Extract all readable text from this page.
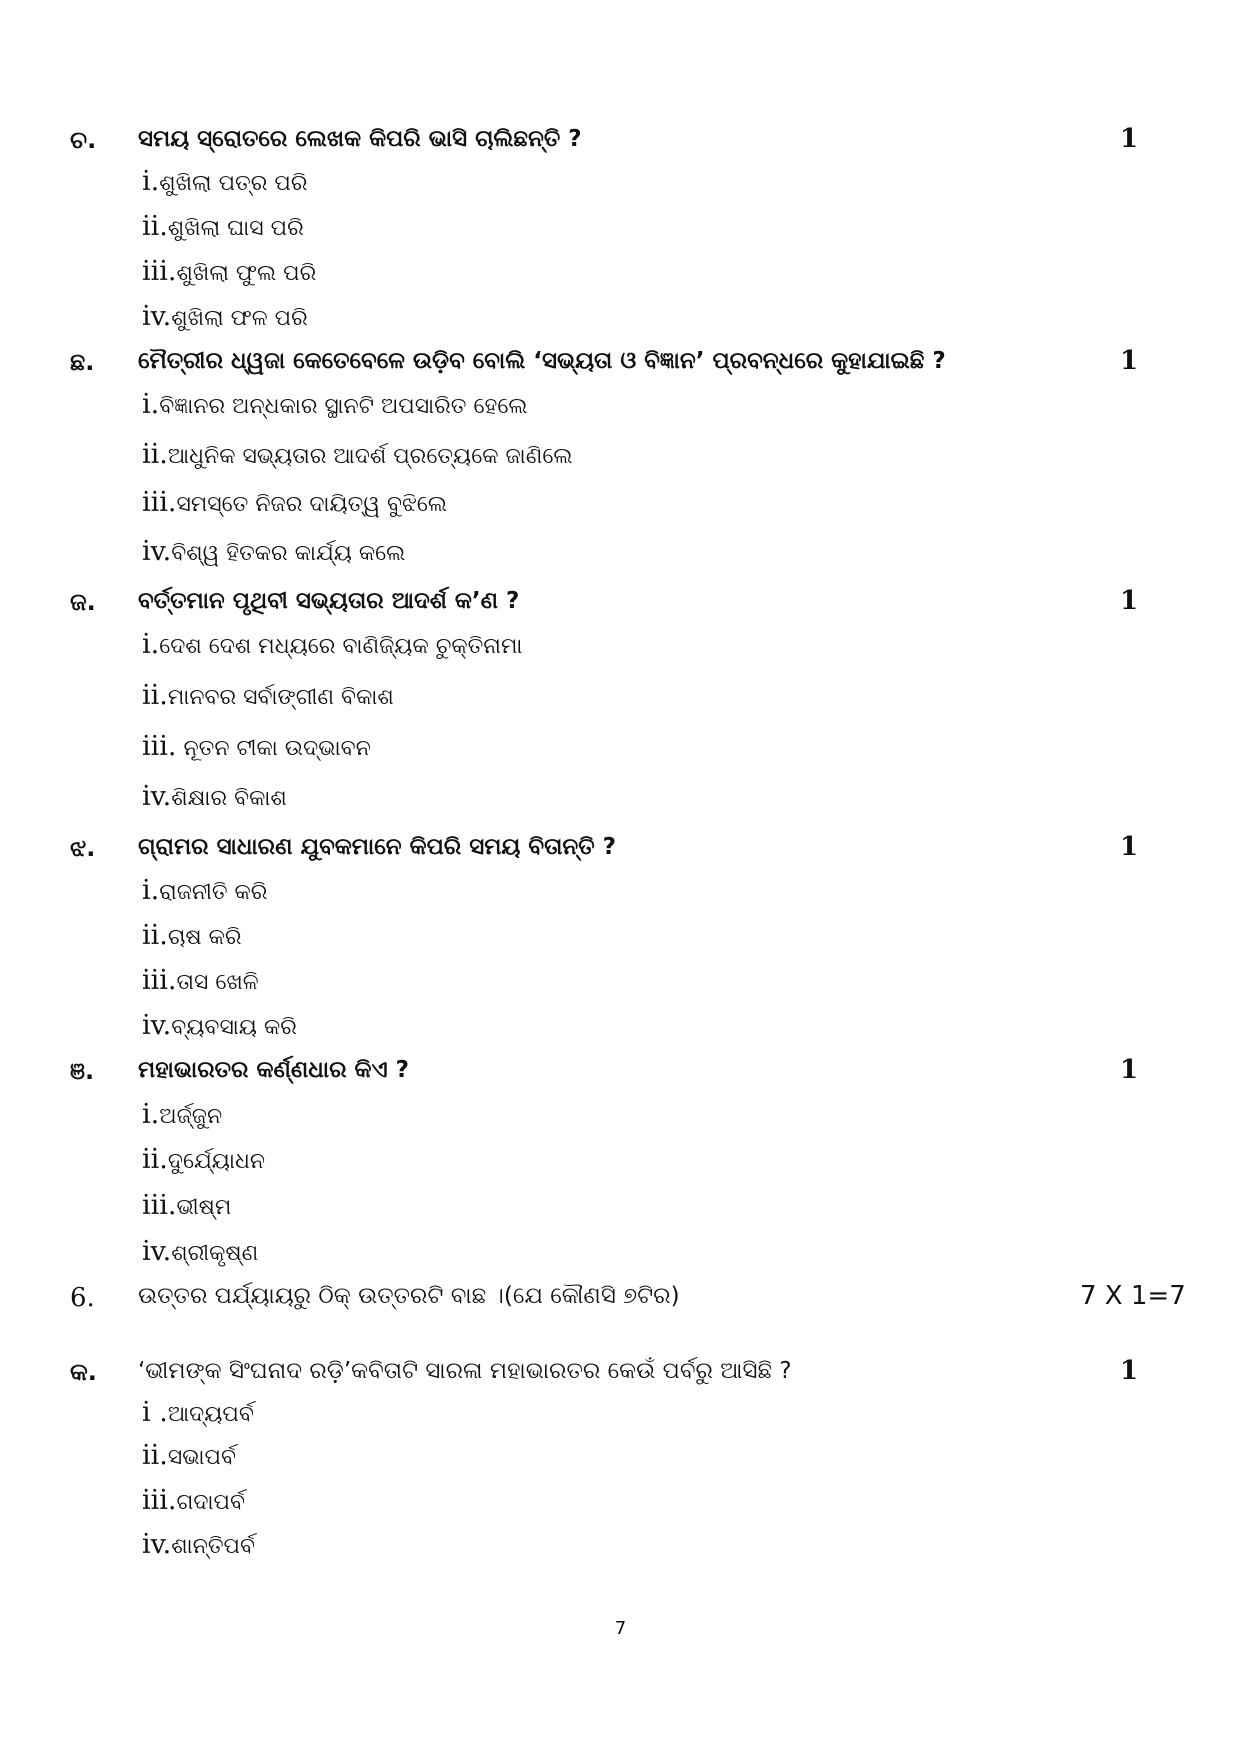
ଚ. ସମୟ ସ୍ରୋତରେ ଲେଖକ କିପରି ଭାସି ଚାଲିଛନ୍ତି ?	1
i.ଶୁଖିଲା ପତ୍ର ପରି
ii.ଶୁଖିଲା ଘାସ ପରି
iii.ଶୁଖିଲା ଫୁଲ ପରି
iv.ଶୁଖିଲା ଫଳ ପରି
ଛ. ମୈତ୍ରୀର ଧ୍ୱଜା କେତେବେଳେ ଉଡ଼ିବ ବୋଲି ‘ସଭ୍ୟତା ଓ ବିଜ୍ଞାନ’ ପ୍ରବନ୍ଧରେ କୁହାଯାଇଛି ?	1
i.ବିଜ୍ଞାନର ଅନ୍ଧକାର ସ୍ଥାନଟି ଅପସାରିତ ହେଲେ
ii.ଆଧୁନିକ ସଭ୍ୟତାର ଆଦର୍ଶ ପ୍ରତ୍ୟେକେ ଜାଣିଲେ
iii.ସମସ୍ତେ ନିଜର ଦାୟିତ୍ୱ ବୁଝିଲେ
iv.ବିଶ୍ୱ ହିତକର କାର୍ଯ୍ୟ କଲେ
ଜ. ବର୍ତ୍ତମାନ ପୃଥିବୀ ସଭ୍ୟତାର ଆଦର୍ଶ କ’ଣ ?	1
i.ଦେଶ ଦେଶ ମଧ୍ୟରେ ବାଣିଜ୍ୟିକ ଚୁକ୍ତିନାମା
ii.ମାନବର ସର୍ବାଙ୍ଗୀଣ ବିକାଶ
iii. ନୂତନ ଟୀକା ଉଦ୍‌ଭାବନ
iv.ଶିକ୍ଷାର ବିକାଶ
ଝ. ଗ୍ରାମର ସାଧାରଣ ଯୁବକମାନେ କିପରି ସମୟ ବିତାନ୍ତି ?	1
i.ରାଜନୀତି କରି
ii.ଚାଷ କରି
iii.ତାସ ଖେଳି
iv.ବ୍ୟବସାୟ କରି
ଞ. ମହାଭାରତର କର୍ଣ୍ଣଧାର କିଏ ?	1
i.ଅର୍ଜ୍ଜୁନ
ii.ଦୁର୍ଯ୍ୟୋଧନ
iii.ଭୀଷ୍ମ
iv.ଶ୍ରୀକୃଷ୍ଣ
6. ଉତ୍ତର ପର୍ଯ୍ୟାୟରୁ ଠିକ୍ ଉତ୍ତରଟି ବାଛ ।(ଯେ କୌଣସି ୭ଟିର)	7 X 1=7
କ. ‘ଭୀମଙ୍କ ସିଂଘନାଦ ରଡ଼ି’କବିତାଟି ସାରଳା ମହାଭାରତର କେଉଁ ପର୍ବରୁ ଆସିଛି ?	1
i .ଆଦ୍ୟପର୍ବ
ii.ସଭାପର୍ବ
iii.ଗଦାପର୍ବ
iv.ଶାନ୍ତିପର୍ବ
7
